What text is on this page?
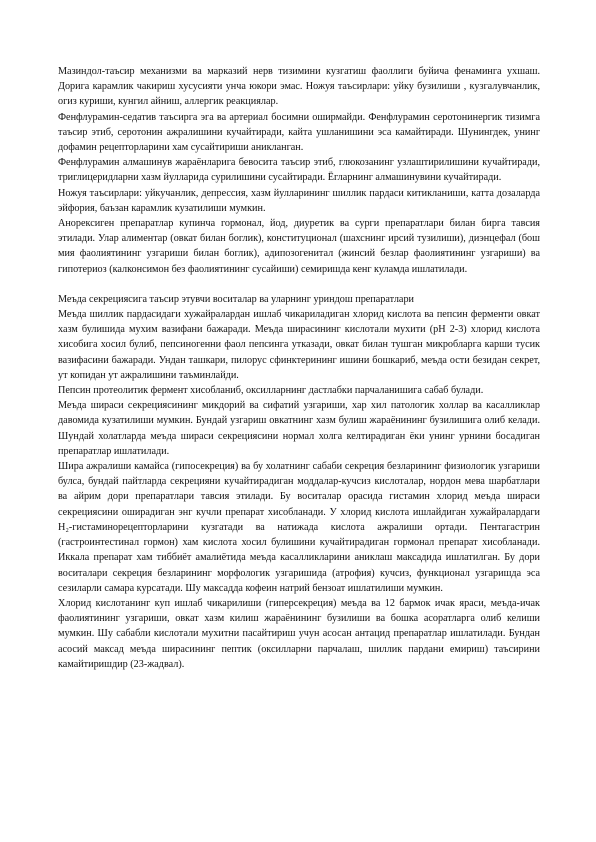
Мазиндол-таъсир механизми ва марказий нерв тизимини кузгатиш фаоллиги буйича фенаминга ухшаш. Доригa карамлик чакириш хусусияти унча юкори эмас. Ножуя таъсирлари: уйку бузилиши , кузгалувчанлик, огиз куриши, кунгил айниш, аллергик реакциялар.

Фенфлурамин-седатив таъсирга эга ва артериал босимни оширмайди. Фенфлурамин серотонинергик тизимга таъсир этиб, серотонин ажралишини кучайтиради, кайта ушланишини эса камайтиради. Шунингдек, унинг дофамин рецепторларини хам сусайтириши аникланган.

Фенфлурамин алмашинув жараёнларига бевосита таъсир этиб, глюкозанинг узлаштирилишини кучайтиради, триглицеридларни хазм йулларида сурилишини сусайтиради. Ёгларнинг алмашинувини кучайтиради.

Ножуя таъсирлари: уйкучанлик, депрессия, хазм йулларининг шиллик пардаси китикланиши, катта дозаларда эйфория, баъзан карамлик кузатилиши мумкин.

Анорексиген препаратлар купинча гормонал, йод, диуретик ва сурги препаратлари билан бирга тавсия этилади. Улар алиментар (овкат билан боглик), конституционал (шахснинг ирсий тузилиши), диэнцефал (бош мия фаолиятининг узгариши билан боглик), адипозогенитал (жинсий безлар фаолиятининг узгариши) ва гипотериоз (калконсимон без фаолиятининг сусайиши) семиришда кенг куламда ишлатилади.

Меъда секрециясига таъсир этувчи воситалар ва уларнинг уриндош препаратлари

Меъда шиллик пардасидаги хужайралардан ишлаб чикариладиган хлорид кислота ва пепсин ферменти овкат хазм булишида мухим вазифани бажаради. Меъда ширасининг кислотали мухити (рН 2-3) хлорид кислота хисобига хосил булиб, пепсиногенни фаол пепсинга утказади, овкат билан тушган микробларга карши тусик вазифасини бажаради. Ундан ташкари, пилорус сфинктерининг ишини бошкариб, меъда ости безидан секрет, ут копидан ут ажралишини таъминлайди.

Пепсин протеолитик фермент хисобланиб, оксилларнинг дастлабки парчаланишига сабаб булади.

Меъда шираси секрециясининг микдорий ва сифатий узгариши, хар хил патологик холлар ва касалликлар давомида кузатилиши мумкин. Бундай узгариш овкатнинг хазм булиш жараёнининг бузилишига олиб келади. Шундай холатларда меъда шираси секрециясини нормал холга келтирадиган ёки унинг урнини босадиган препаратлар ишлатилади.

Шира ажралиши камайса (гипосекреция) ва бу холатнинг сабаби секреция безларининг физиологик узгариши булса, бундай пайтларда секрецияни кучайтирадиган моддалар-кучсиз кислоталар, нордон мева шарбатлари ва айрим дори препаратлари тавсия этилади. Бу воситалар орасида гистамин хлорид меъда шираси секрециясини оширадиган энг кучли препарат хисобланади. У хлорид кислота ишлайдиган хужайралардаги H₂-гистаминорецепторларини кузгатади ва натижада кислота ажралиши ортади. Пентагастрин (гастроинтестинал гормон) хам кислота хосил булишини кучайтирадиган гормонал препарат хисобланади. Иккала препарат хам тиббиёт амалиётида меъда касалликларини аниклаш максадида ишлатилган. Бу дори воситалари секреция безларининг морфологик узгаришида (атрофия) кучсиз, функционал узгаришда эса сезиларли самара курсатади. Шу максадда кофеин натрий бензоат ишлатилиши мумкин.

Хлорид кислотанинг куп ишлаб чикарилиши (гиперсекреция) меъда ва 12 бармок ичак яраси, меъда-ичак фаолиятининг узгариши, овкат хазм килиш жараёнининг бузилиши ва бошка асоратларга олиб келиши мумкин. Шу сабабли кислотали мухитни пасайтириш учун асосан антацид препаратлар ишлатилади. Бундан асосий максад меъда ширасининг пептик (оксилларни парчалаш, шиллик пардани емириш) таъсирини камайтиришдир (23-жадвал).
